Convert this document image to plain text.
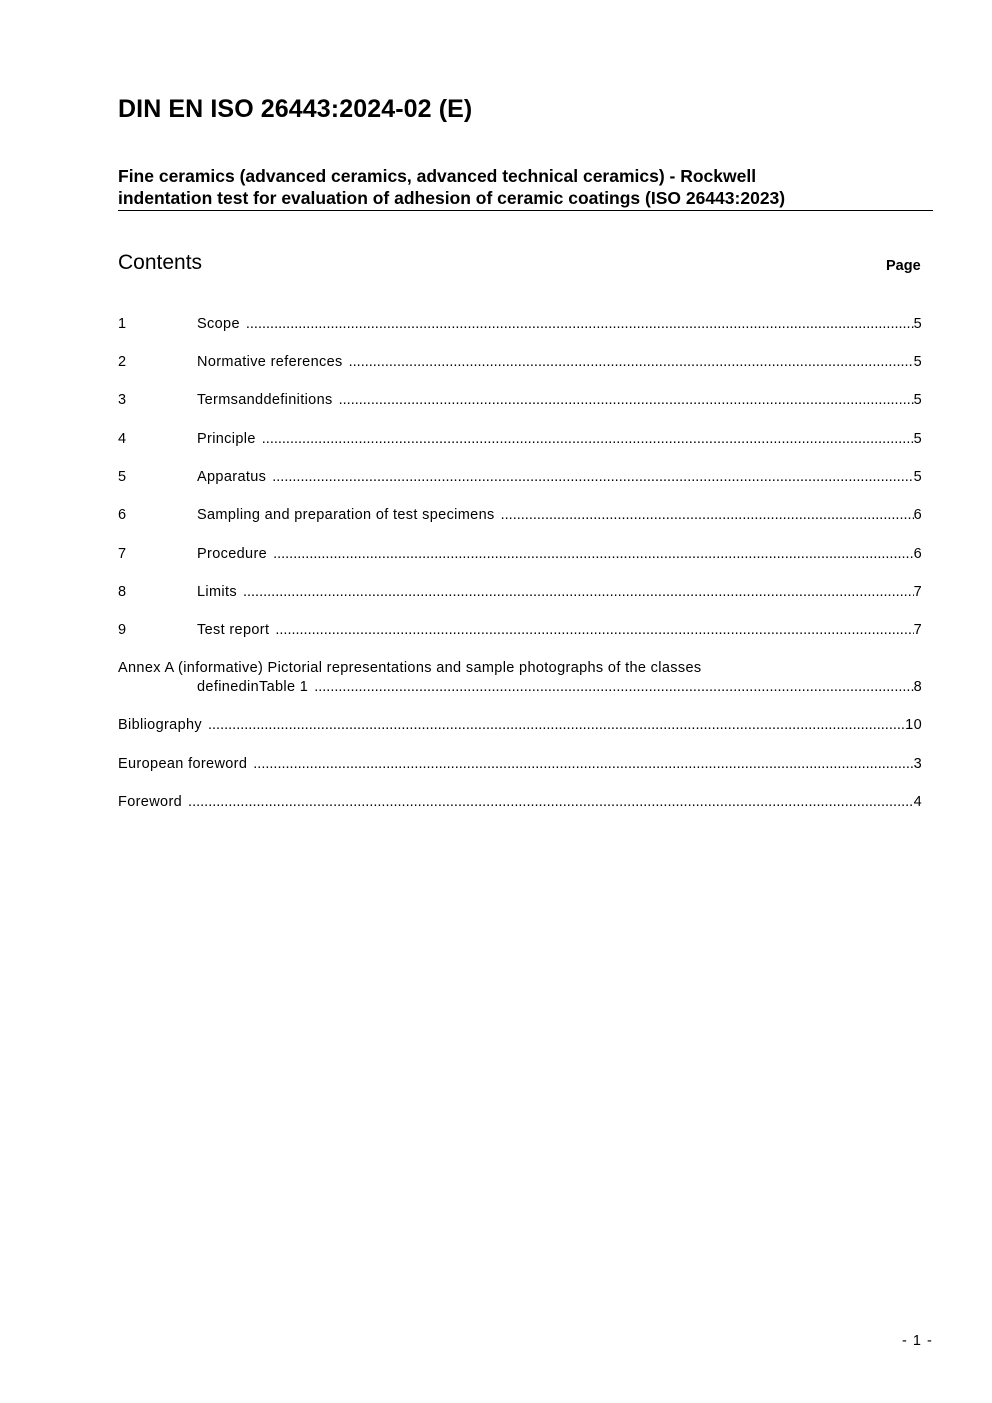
DIN EN ISO 26443:2024-02 (E)
Fine ceramics (advanced ceramics, advanced technical ceramics) - Rockwell
indentation test for evaluation of adhesion of ceramic coatings (ISO 26443:2023)
Contents	Page
1	Scope .....	5
2	Normative references .....	5
3	Termsanddefinitions .....	5
4	Principle .....	5
5	Apparatus .....	5
6	Sampling and preparation of test specimens .....	6
7	Procedure .....	6
8	Limits .....	7
9	Test report .....	7
Annex A (informative) Pictorial representations and sample photographs of the classes
definedinTable 1 .....	8
Bibliography .....	10
European foreword .....	3
Foreword .....	4
- 1 -
